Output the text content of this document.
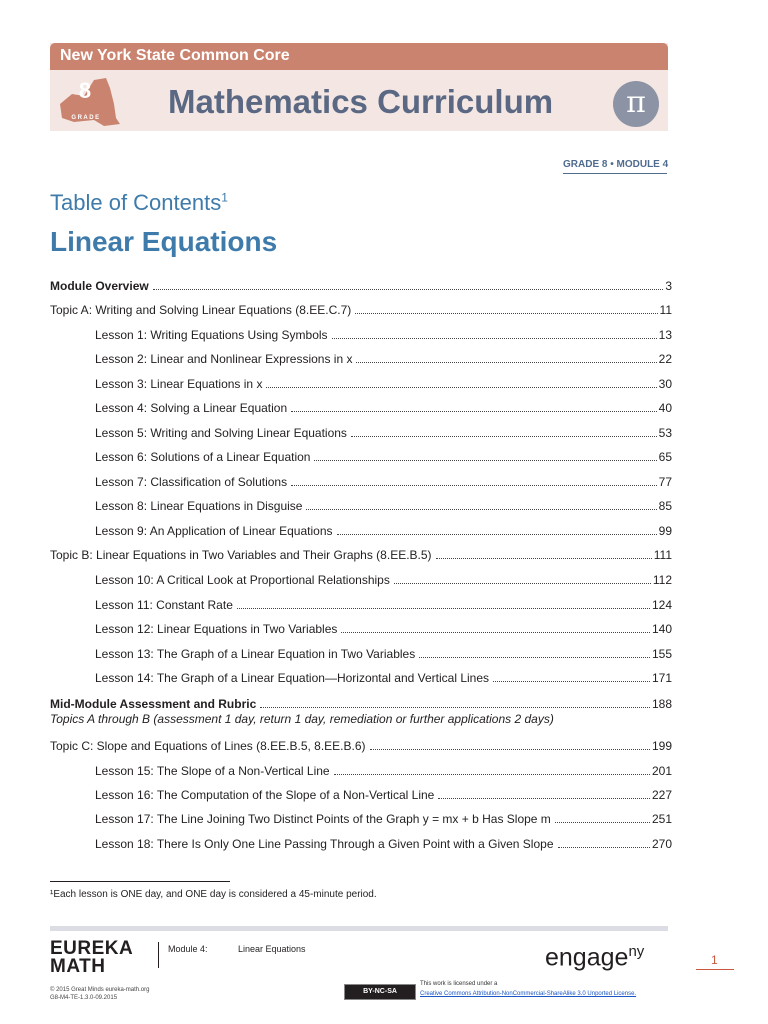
New York State Common Core
8
GRADE Mathematics Curriculum	π
GRADE 8 • MODULE 4
Table of Contents$^1$
Linear Equations
Module Overview	3
Topic A: Writing and Solving Linear Equations (8.EE.C.7)	11
Lesson 1: Writing Equations Using Symbols	13
Lesson 2: Linear and Nonlinear Expressions in x	22
Lesson 3: Linear Equations in x	30
Lesson 4: Solving a Linear Equation	40
Lesson 5: Writing and Solving Linear Equations	53
Lesson 6: Solutions of a Linear Equation	65
Lesson 7: Classification of Solutions	77
Lesson 8: Linear Equations in Disguise	85
Lesson 9: An Application of Linear Equations	99
Topic B: Linear Equations in Two Variables and Their Graphs (8.EE.B.5)	111
Lesson 10: A Critical Look at Proportional Relationships	112
Lesson 11: Constant Rate	124
Lesson 12: Linear Equations in Two Variables	140
Lesson 13: The Graph of a Linear Equation in Two Variables	155
Lesson 14: The Graph of a Linear Equation—Horizontal and Vertical Lines	171
Mid-Module Assessment and Rubric	188
Topic C: Slope and Equations of Lines (8.EE.B.5, 8.EE.B.6)	199
Lesson 15: The Slope of a Non-Vertical Line	201
Lesson 16: The Computation of the Slope of a Non-Vertical Line	227
Lesson 17: The Line Joining Two Distinct Points of the Graph y = mx + b Has Slope m	251
Lesson 18: There Is Only One Line Passing Through a Given Point with a Given Slope	270
Topics A through B (assessment 1 day, return 1 day, remediation or further applications 2 days)
¹Each lesson is ONE day, and ONE day is considered a 45-minute period.
EUREKA
MATH
Module 4:	Linear Equations	engage$^{ny}$	1
© 2015 Great Minds eureka-math.org
G8-M4-TE-1.3.0-09.2015
BY-NC-SA
This work is licensed under a
Creative Commons Attribution-NonCommercial-ShareAlike 3.0 Unported License.
